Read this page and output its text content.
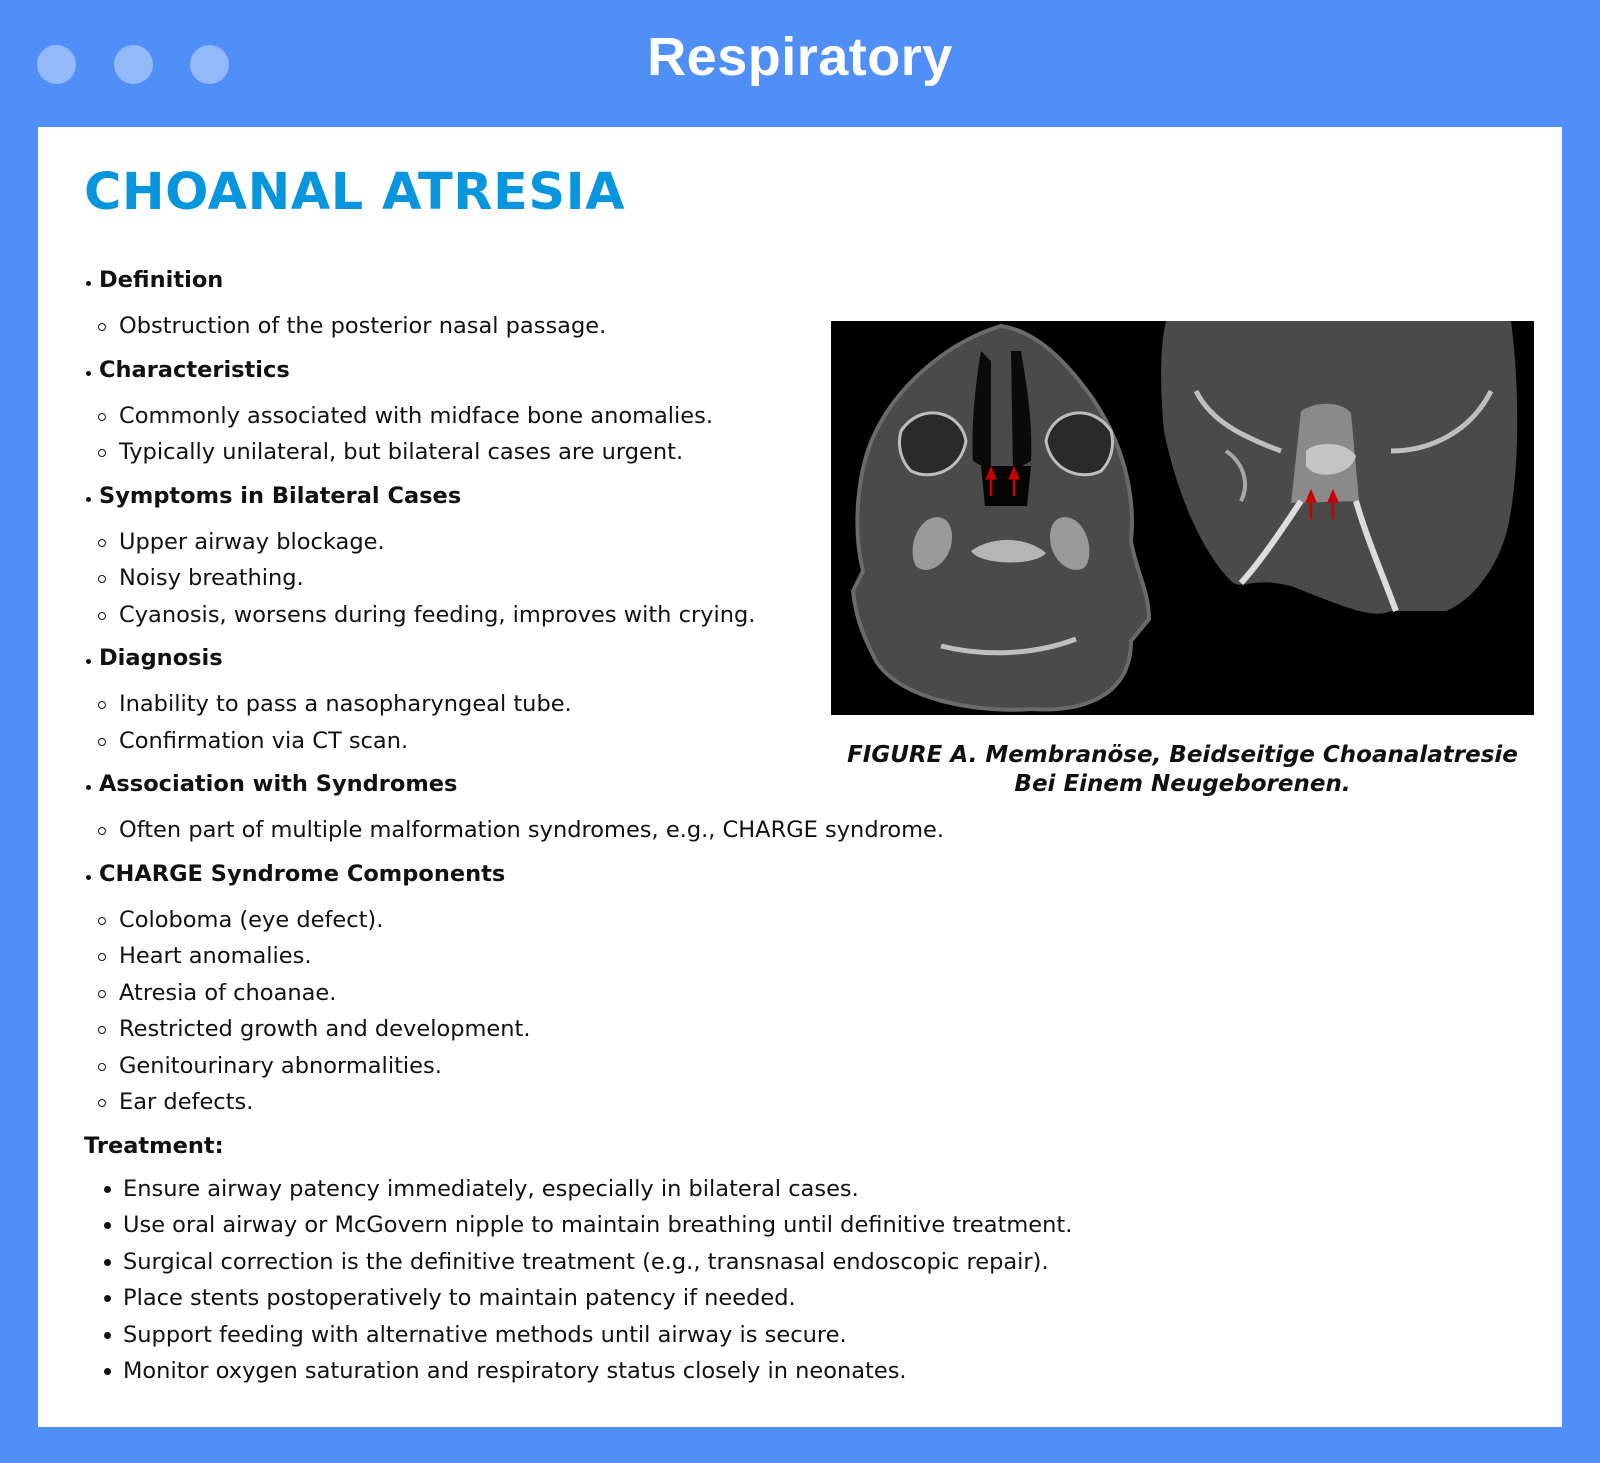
Respiratory
CHOANAL ATRESIA
Definition
Obstruction of the posterior nasal passage.
Characteristics
Commonly associated with midface bone anomalies.
Typically unilateral, but bilateral cases are urgent.
Symptoms in Bilateral Cases
Upper airway blockage.
Noisy breathing.
Cyanosis, worsens during feeding, improves with crying.
Diagnosis
Inability to pass a nasopharyngeal tube.
Confirmation via CT scan.
Association with Syndromes
Often part of multiple malformation syndromes, e.g., CHARGE syndrome.
CHARGE Syndrome Components
Coloboma (eye defect).
Heart anomalies.
Atresia of choanae.
Restricted growth and development.
Genitourinary abnormalities.
Ear defects.
Treatment:
Ensure airway patency immediately, especially in bilateral cases.
Use oral airway or McGovern nipple to maintain breathing until definitive treatment.
Surgical correction is the definitive treatment (e.g., transnasal endoscopic repair).
Place stents postoperatively to maintain patency if needed.
Support feeding with alternative methods until airway is secure.
Monitor oxygen saturation and respiratory status closely in neonates.
FIGURE A. Membranöse, Beidseitige Choanalatresie
Bei Einem Neugeborenen.
